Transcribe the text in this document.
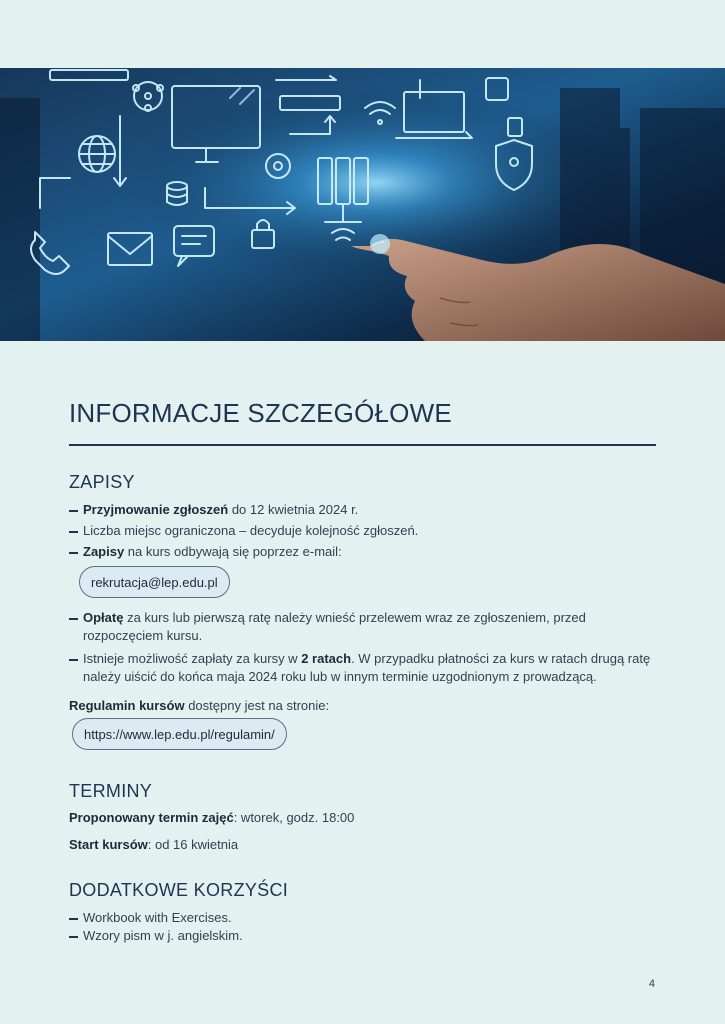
INFORMACJE SZCZEGÓŁOWE
ZAPISY
Przyjmowanie zgłoszeń do 12 kwietnia 2024 r.
Liczba miejsc ograniczona – decyduje kolejność zgłoszeń.
Zapisy na kurs odbywają się poprzez e-mail:
rekrutacja@lep.edu.pl
Opłatę za kurs lub pierwszą ratę należy wnieść przelewem wraz ze zgłoszeniem, przed rozpoczęciem kursu.
Istnieje możliwość zapłaty za kursy w 2 ratach. W przypadku płatności za kurs w ratach drugą ratę należy uiścić do końca maja 2024 roku lub w innym terminie uzgodnionym z prowadzącą.

Regulamin kursów dostępny jest na stronie:

https://www.lep.edu.pl/regulamin/
TERMINY

Proponowany termin zajęć: wtorek, godz. 18:00

Start kursów: od 16 kwietnia

DODATKOWE KORZYŚCI
Workbook with Exercises.
Wzory pism w j. angielskim.
4
